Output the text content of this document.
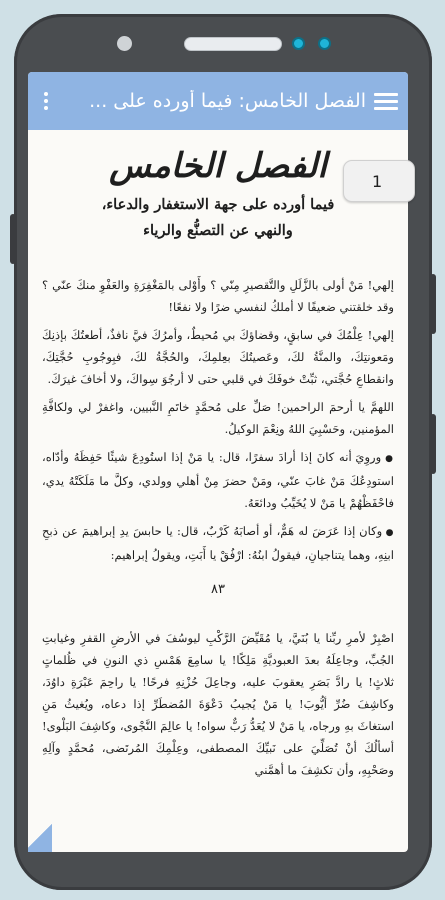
الفصل الخامس: فيما أورده على ...
الفصل الخامس
فيما أورده على جهة الاستغفار والدعاء،
والنهي عن التصنُّع والرياء

إلهي! مَنْ أولى بالزَّلَلِ والتَّقصيرِ مِنّي ؟ وأَوْلى بالمَغْفِرَةِ والعَفْوِ منكَ عنّي ؟ وقد خلقتني ضعيفًا لا أملكُ لنفسي ضرًا ولا نفعًا!

إلهي! عِلْمُكَ في سابقٍ، وقضاؤكَ بي مُحيطٌ، وأمرُكَ فيَّ نافذٌ، أطعتُكَ بإذنِكَ ومَعونتِكَ، والمنَّةُ لكَ، وعَصيتُكَ بعِلمِكَ، والحُجَّةُ لكَ، فبِوجُوبِ حُجَّتِكَ، وانقطاعِ حُجَّتي، ثبِّتْ خوفَكَ في قلبي حتى لا أرجُوَ سِواكَ، ولا أخافَ غيرَكَ.

اللهمَّ يا أرحمَ الراحمين! صَلِّ على مُحمَّدٍ خاتَمِ النَّبيين، واغفرْ لي ولكافَّةِ المؤمنين، وحَسْبِيَ اللهُ ونِعْمَ الوكيلُ.

● وروِيَ أنه كانَ إذا أرادَ سفرًا، قال: يا مَنْ إذا استُودِعَ شيئًا حَفِظَهُ وأدّاه، استودِعُكَ مَنْ غابَ عنّي، ومَنْ حضرَ مِنْ أهلي وولدي، وكلَّ ما مَلَكَتْهُ يدي، فاحْفَظْهُمْ يا مَنْ لا يُخَيِّبُ ودائعَهُ.

● وكان إذا عَرَضَ له هَمٌّ، أو أصابَهُ كَرْبٌ، قال: يا حابسَ يدِ إبراهيمَ عن ذبحِ ابنِهِ، وهما يتناجيانِ، فيقولُ ابنُهُ: ارْفُقْ يا أَبَتِ، ويقولُ إبراهيم:

٨٣

اصْبِرْ لأمرِ ربِّنا يا بُنَيَّ، يا مُقَيِّضَ الرَّكْبِ ليوسُفَ في الأرضِ القفرِ وغيابتِ الجُبِّ، وجاعِلَهُ بعدَ العبوديَّةِ مَلِكًا! يا سامِعَ هَمْسِ ذي النونِ في ظُلماتٍ ثلاثٍ! يا رادَّ بَصَرِ يعقوبَ عليه، وجاعِلَ حُزْنِهِ فرحًا! يا راحِمَ عَبْرَةِ داوُدَ، وكاشِفَ ضُرِّ أيُّوبَ! يا مَنْ يُجيبُ دَعْوَةَ المُضطَرِّ إذا دعاه، ويُغيثُ مَنِ استغاثَ بهِ ورجاه، يا مَنْ لا يُعَدُّ رَبٌّ سواه! يا عالِمَ النَّجْوى، وكاشِفَ البَلْوى! أسألُكَ أنْ تُصَلِّيَ على نَبيِّكَ المصطفى، وعِلْمِكَ المُرتَضى، مُحمَّدٍ وآلِهِ وصَحْبِهِ، وأن تكشِفَ ما أهمَّني

1
